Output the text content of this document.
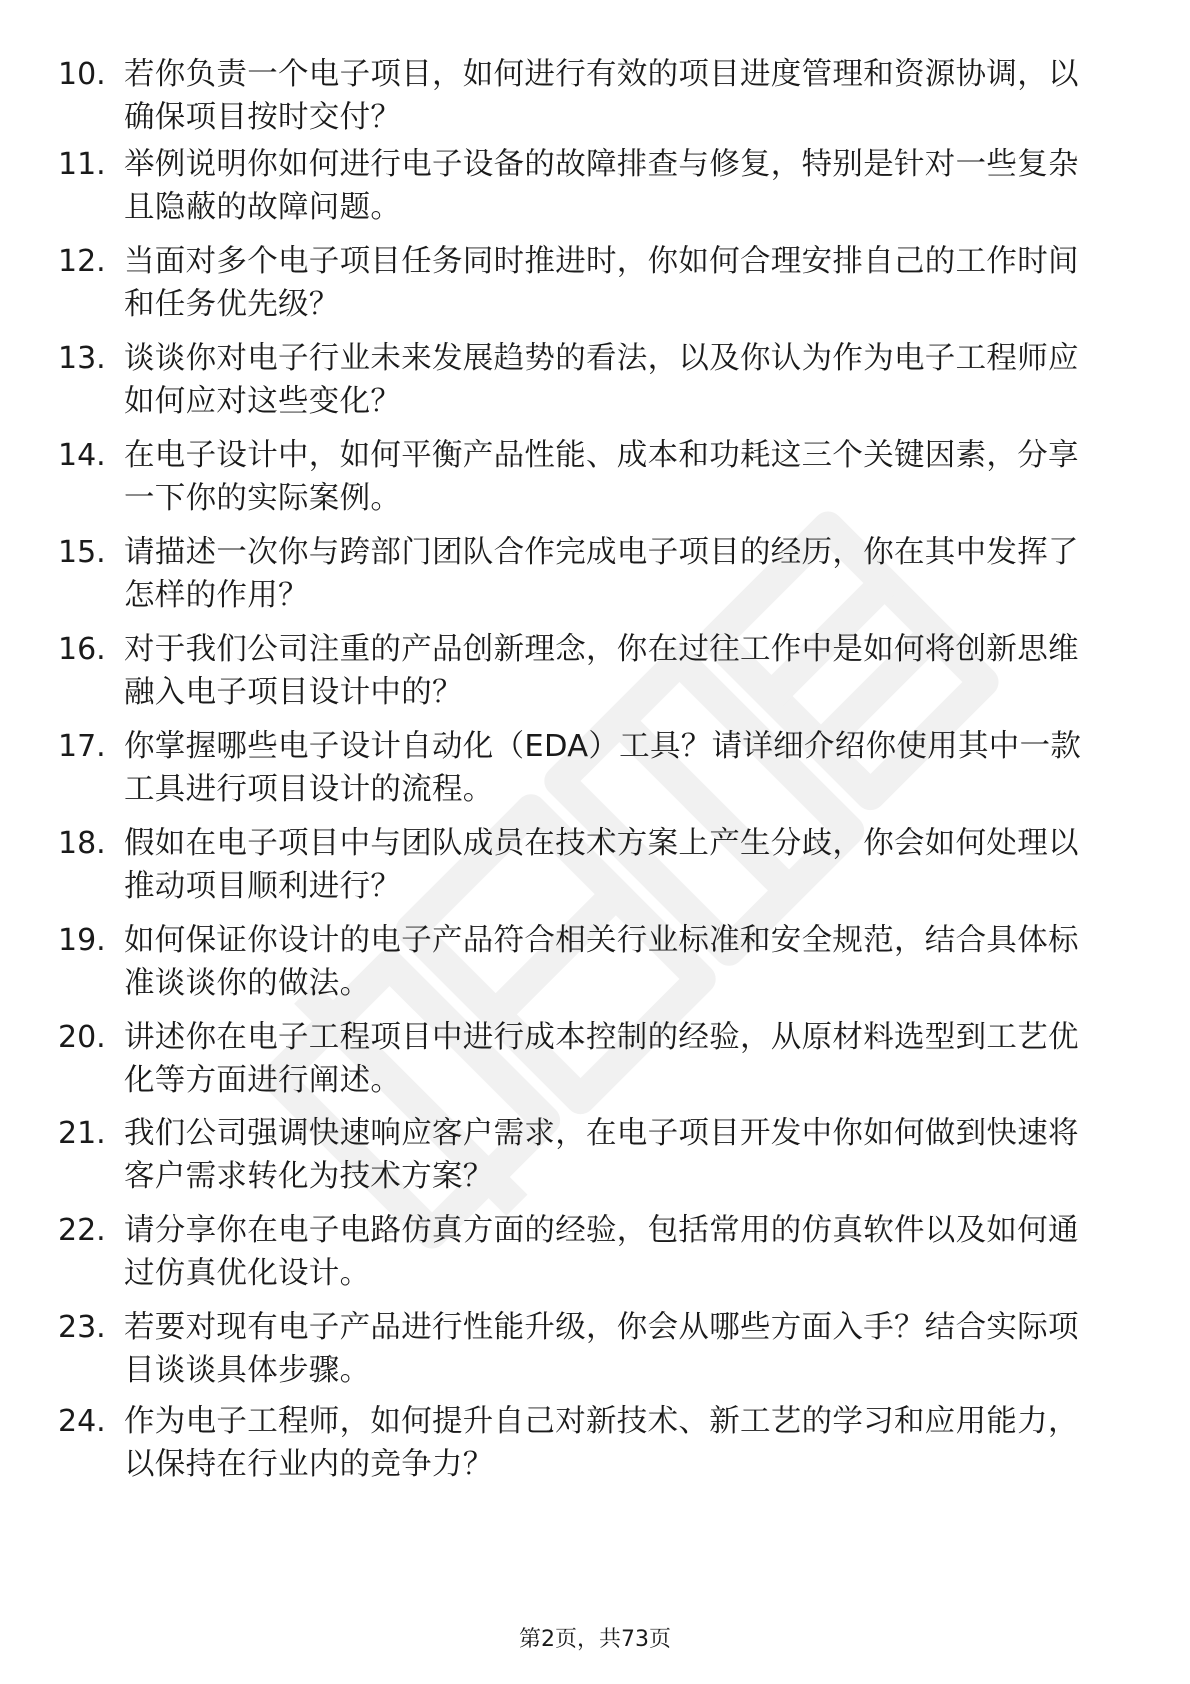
10. 若你负责一个电子项目，如何进行有效的项目进度管理和资源协调，以确保项目按时交付？
11. 举例说明你如何进行电子设备的故障排查与修复，特别是针对一些复杂且隐蔽的故障问题。
12. 当面对多个电子项目任务同时推进时，你如何合理安排自己的工作时间和任务优先级？
13. 谈谈你对电子行业未来发展趋势的看法，以及你认为作为电子工程师应如何应对这些变化？
14. 在电子设计中，如何平衡产品性能、成本和功耗这三个关键因素，分享一下你的实际案例。
15. 请描述一次你与跨部门团队合作完成电子项目的经历，你在其中发挥了怎样的作用？
16. 对于我们公司注重的产品创新理念，你在过往工作中是如何将创新思维融入电子项目设计中的？
17. 你掌握哪些电子设计自动化（EDA）工具？请详细介绍你使用其中一款工具进行项目设计的流程。
18. 假如在电子项目中与团队成员在技术方案上产生分歧，你会如何处理以推动项目顺利进行？
19. 如何保证你设计的电子产品符合相关行业标准和安全规范，结合具体标准谈谈你的做法。
20. 讲述你在电子工程项目中进行成本控制的经验，从原材料选型到工艺优化等方面进行阐述。
21. 我们公司强调快速响应客户需求，在电子项目开发中你如何做到快速将客户需求转化为技术方案？
22. 请分享你在电子电路仿真方面的经验，包括常用的仿真软件以及如何通过仿真优化设计。
23. 若要对现有电子产品进行性能升级，你会从哪些方面入手？结合实际项目谈谈具体步骤。
24. 作为电子工程师，如何提升自己对新技术、新工艺的学习和应用能力，以保持在行业内的竞争力？
第2页，共73页
